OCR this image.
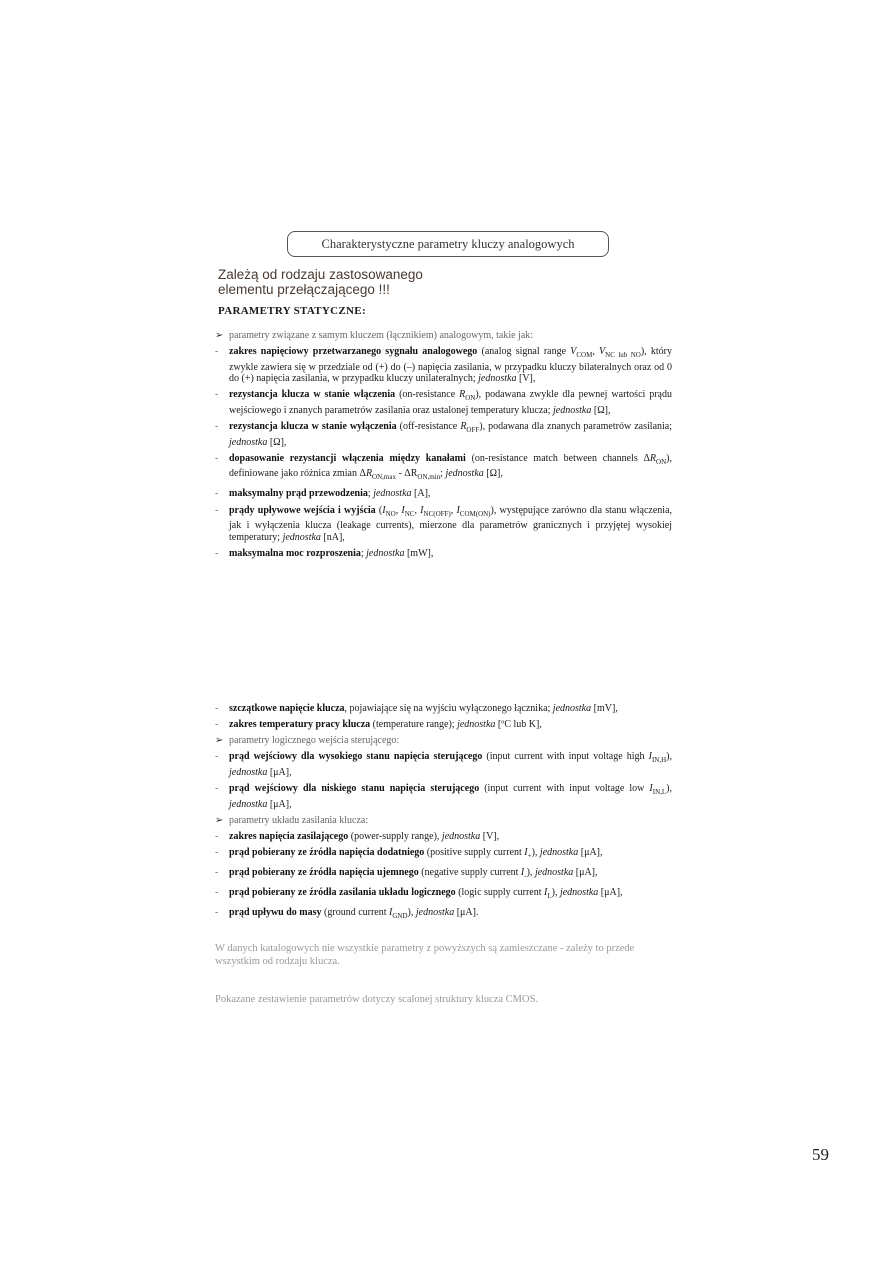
Charakterystyczne parametry kluczy analogowych
Zależą od rodzaju zastosowanego
elementu przełączającego !!!
PARAMETRY STATYCZNE:
➢ parametry związane z samym kluczem (łącznikiem) analogowym, takie jak:
- zakres napięciowy przetwarzanego sygnału analogowego (analog signal range $V_{COM}$, $V_{NC lub NO}$), który zwykle zawiera się w przedziale od (+) do (–) napięcia zasilania, w przypadku kluczy bilateralnych oraz od 0 do (+) napięcia zasilania, w przypadku kluczy unilateralnych; jednostka [V],
- rezystancja klucza w stanie włączenia (on-resistance $R_{ON}$), podawana zwykle dla pewnej wartości prądu wejściowego i znanych parametrów zasilania oraz ustalonej temperatury klucza; jednostka [Ω],
- rezystancja klucza w stanie wyłączenia (off-resistance $R_{OFF}$), podawana dla znanych parametrów zasilania; jednostka [Ω],
- dopasowanie rezystancji włączenia między kanałami (on-resistance match between channels $\Delta R_{ON}$), definiowane jako różnica zmian $\Delta R_{ON,max} - \Delta R_{ON,min}$; jednostka [Ω],
- maksymalny prąd przewodzenia; jednostka [A],
- prądy upływowe wejścia i wyjścia ($I_{NO}$, $I_{NC}$, $I_{NC(OFF)}$, $I_{COM(ON)}$), występujące zarówno dla stanu włączenia, jak i wyłączenia klucza (leakage currents), mierzone dla parametrów granicznych i przyjętej wysokiej temperatury; jednostka [nA],
- maksymalna moc rozproszenia; jednostka [mW],
- szczątkowe napięcie klucza, pojawiające się na wyjściu wyłączonego łącznika; jednostka [mV],
- zakres temperatury pracy klucza (temperature range); jednostka [ºC lub K],
➢ parametry logicznego wejścia sterującego:
- prąd wejściowy dla wysokiego stanu napięcia sterującego (input current with input voltage high $I_{IN,H}$), jednostka [μA],
- prąd wejściowy dla niskiego stanu napięcia sterującego (input current with input voltage low $I_{IN,L}$), jednostka [μA],
➢ parametry układu zasilania klucza:
- zakres napięcia zasilającego (power-supply range), jednostka [V],
- prąd pobierany ze źródła napięcia dodatniego (positive supply current $I_+$), jednostka [μA],
- prąd pobierany ze źródła napięcia ujemnego (negative supply current $I_-$), jednostka [μA],
- prąd pobierany ze źródła zasilania układu logicznego (logic supply current $I_L$), jednostka [μA],
- prąd upływu do masy (ground current $I_{GND}$), jednostka [μA].
W danych katalogowych nie wszystkie parametry z powyższych są zamieszczane - zależy to przede wszystkim od rodzaju klucza.
Pokazane zestawienie parametrów dotyczy scalonej struktury klucza CMOS.
59
